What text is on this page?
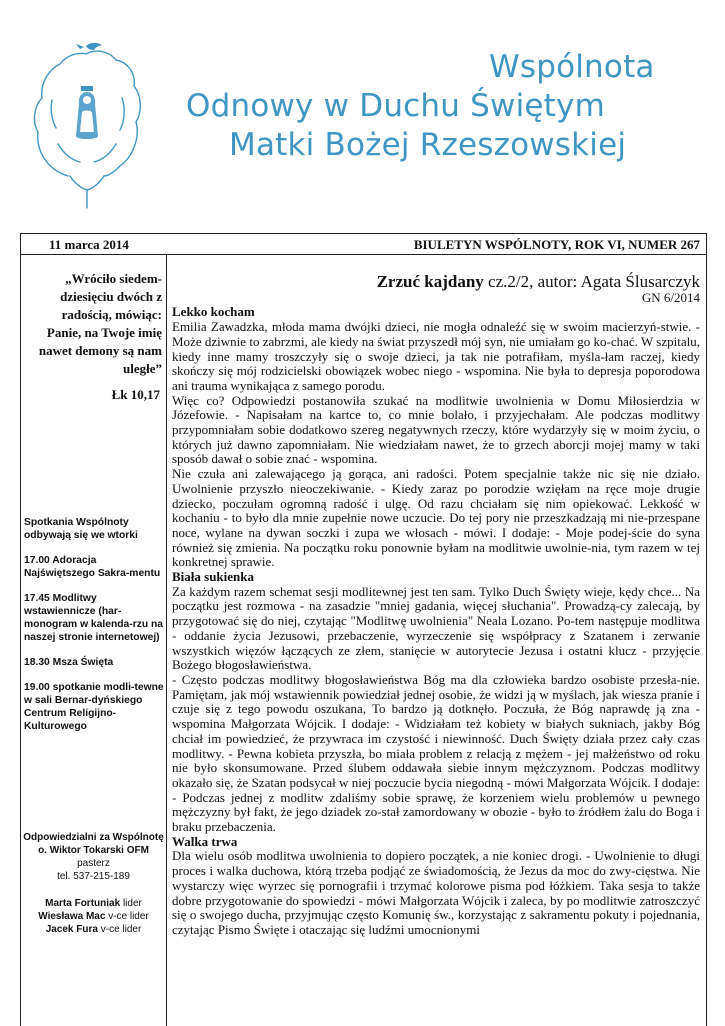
Wspólnota
Odnowy w Duchu Świętym
Matki Bożej Rzeszowskiej
11 marca 2014	BIULETYN WSPÓLNOTY, ROK VI, NUMER 267
„Wróciło siedem-dziesięciu dwóch z radością, mówiąc: Panie, na Twoje imię nawet demony są nam uległe”
Łk 10,17

Spotkania Wspólnoty odbywają się we wtorki

17.00 Adoracja Najświętszego Sakra-mentu

17.45 Modlitwy wstawiennicze (har-monogram w kalenda-rzu na naszej stronie internetowej)

18.30 Msza Święta

19.00 spotkanie modli-tewne w sali Bernar-dyńskiego Centrum Religijno-Kulturowego

Odpowiedzialni za Wspólnotę
o. Wiktor Tokarski OFM
pasterz
tel. 537-215-189
Marta Fortuniak lider
Wiesława Mac v-ce lider
Jacek Fura v-ce lider
Zrzuć kajdany cz.2/2, autor: Agata Ślusarczyk
GN 6/2014
Lekko kocham

Emilia Zawadzka, młoda mama dwójki dzieci, nie mogła odnaleźć się w swoim macierzyń-stwie. - Może dziwnie to zabrzmi, ale kiedy na świat przyszedł mój syn, nie umiałam go ko-chać. W szpitalu, kiedy inne mamy troszczyły się o swoje dzieci, ja tak nie potrafiłam, myśla-łam raczej, kiedy skończy się mój rodzicielski obowiązek wobec niego - wspomina. Nie była to depresja poporodowa ani trauma wynikająca z samego porodu.

Więc co? Odpowiedzi postanowiła szukać na modlitwie uwolnienia w Domu Miłosierdzia w Józefowie. - Napisałam na kartce to, co mnie bolało, i przyjechałam. Ale podczas modlitwy przypomniałam sobie dodatkowo szereg negatywnych rzeczy, które wydarzyły się w moim życiu, o których już dawno zapomniałam. Nie wiedziałam nawet, że to grzech aborcji mojej mamy w taki sposób dawał o sobie znać - wspomina.

Nie czuła ani zalewającego ją gorąca, ani radości. Potem specjalnie także nic się nie działo. Uwolnienie przyszło nieoczekiwanie. - Kiedy zaraz po porodzie wzięłam na ręce moje drugie dziecko, poczułam ogromną radość i ulgę. Od razu chciałam się nim opiekować. Lekkość w kochaniu - to było dla mnie zupełnie nowe uczucie. Do tej pory nie przeszkadzają mi nie-przespane noce, wylane na dywan soczki i zupa we włosach - mówi. I dodaje: - Moje podej-ście do syna również się zmienia. Na początku roku ponownie byłam na modlitwie uwolnie-nia, tym razem w tej konkretnej sprawie.

Biała sukienka

Za każdym razem schemat sesji modlitewnej jest ten sam. Tylko Duch Święty wieje, kędy chce... Na początku jest rozmowa - na zasadzie "mniej gadania, więcej słuchania". Prowadzą-cy zalecają, by przygotować się do niej, czytając "Modlitwę uwolnienia" Neala Lozano. Po-tem następuje modlitwa - oddanie życia Jezusowi, przebaczenie, wyrzeczenie się współpracy z Szatanem i zerwanie wszystkich więzów łączących ze złem, stanięcie w autorytecie Jezusa i ostatni klucz - przyjęcie Bożego błogosławieństwa.

- Często podczas modlitwy błogosławieństwa Bóg ma dla człowieka bardzo osobiste przesła-nie. Pamiętam, jak mój wstawiennik powiedział jednej osobie, że widzi ją w myślach, jak wiesza pranie i czuje się z tego powodu oszukana, To bardzo ją dotknęło. Poczuła, że Bóg naprawdę ją zna - wspomina Małgorzata Wójcik. I dodaje: - Widziałam też kobiety w białych sukniach, jakby Bóg chciał im powiedzieć, że przywraca im czystość i niewinność. Duch Święty działa przez cały czas modlitwy. - Pewna kobieta przyszła, bo miała problem z relacją z mężem - jej małżeństwo od roku nie było skonsumowane. Przed ślubem oddawała siebie innym mężczyznom. Podczas modlitwy okazało się, że Szatan podsycał w niej poczucie bycia niegodną - mówi Małgorzata Wójcik. I dodaje: - Podczas jednej z modlitw zdaliśmy sobie sprawę, że korzeniem wielu problemów u pewnego mężczyzny był fakt, że jego dziadek zo-stał zamordowany w obozie - było to źródłem żalu do Boga i braku przebaczenia.

Walka trwa

Dla wielu osób modlitwa uwolnienia to dopiero początek, a nie koniec drogi. - Uwolnienie to długi proces i walka duchowa, którą trzeba podjąć ze świadomością, że Jezus da moc do zwy-cięstwa. Nie wystarczy więc wyrzec się pornografii i trzymać kolorowe pisma pod łóżkiem. Taka sesja to także dobre przygotowanie do spowiedzi - mówi Małgorzata Wójcik i zaleca, by po modlitwie zatroszczyć się o swojego ducha, przyjmując często Komunię św., korzystając z sakramentu pokuty i pojednania, czytając Pismo Święte i otaczając się ludźmi umocnionymi
